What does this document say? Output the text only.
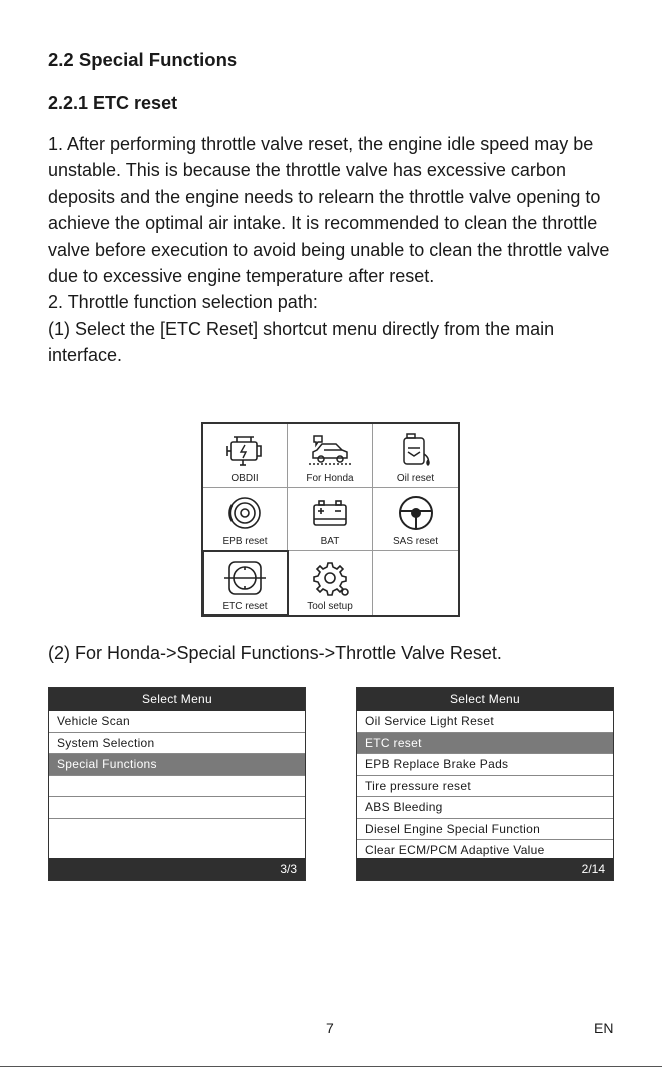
2.2 Special Functions
2.2.1 ETC reset

1. After performing throttle valve reset, the engine idle speed may be unstable. This is because the throttle valve has excessive carbon deposits and the engine needs to relearn the throttle valve opening to achieve the optimal air intake. It is recommended to clean the throttle valve before execution to avoid being unable to clean the throttle valve due to excessive engine temperature after reset.

2. Throttle function selection path:

(1) Select the [ETC Reset] shortcut menu directly from the main interface.

OBDII	For Honda	Oil reset
EPB reset	BAT	SAS reset
ETC reset	Tool setup

(2) For Honda->Special Functions->Throttle Valve Reset.

Select Menu
Vehicle Scan
System Selection
Special Functions
3/3
Select Menu
Oil Service Light Reset
ETC reset
EPB Replace Brake Pads
Tire pressure reset
ABS Bleeding
Diesel Engine Special Function
Clear ECM/PCM Adaptive Value
2/14
7	EN
